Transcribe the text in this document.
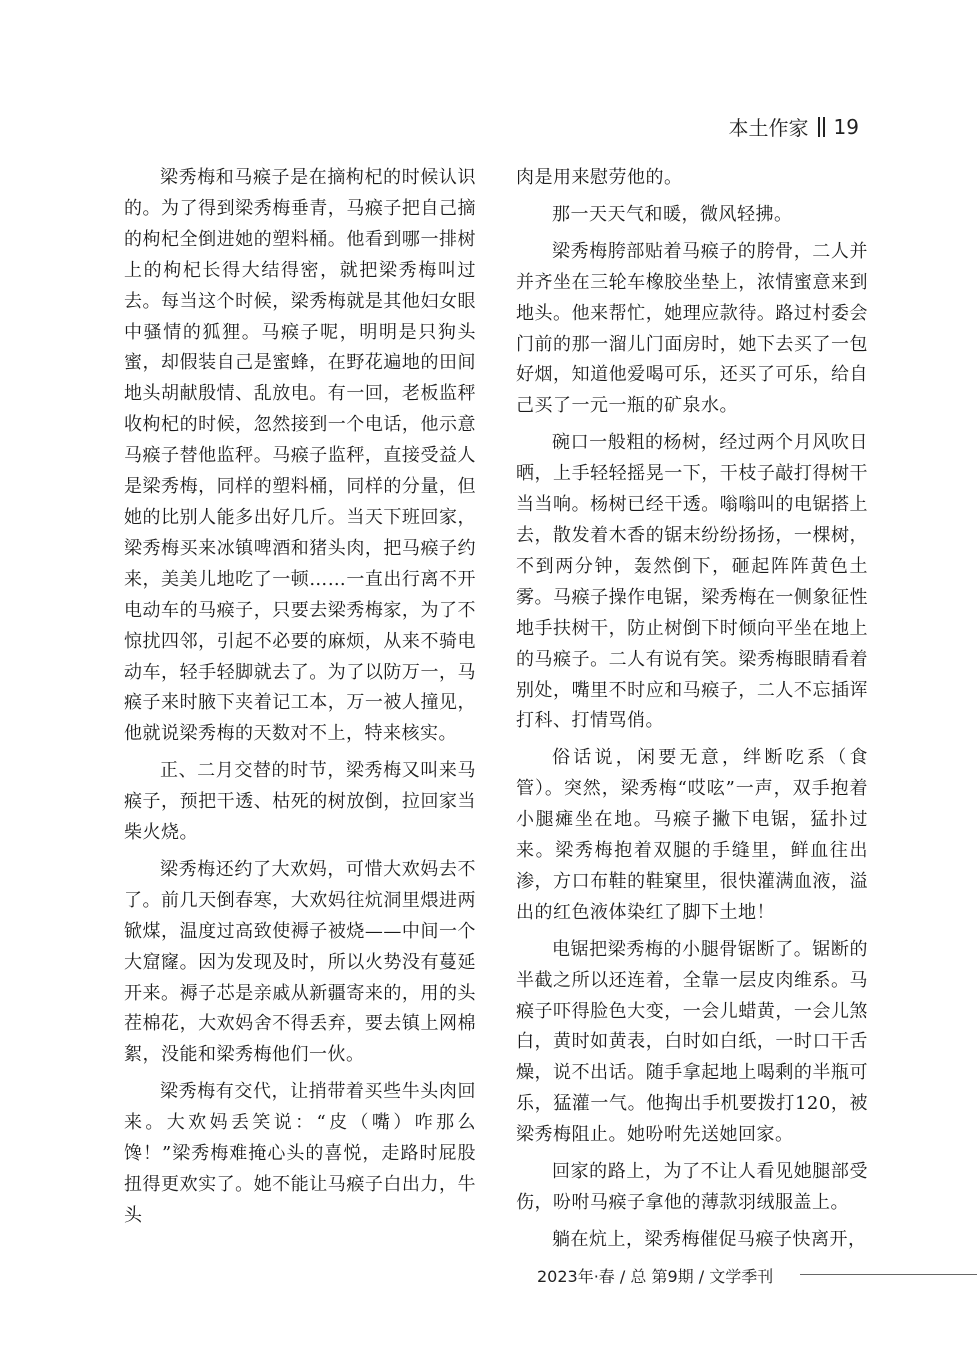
本土作家 19

梁秀梅和马瘊子是在摘枸杞的时候认识的。为了得到梁秀梅垂青，马瘊子把自己摘的枸杞全倒进她的塑料桶。他看到哪一排树上的枸杞长得大结得密，就把梁秀梅叫过去。每当这个时候，梁秀梅就是其他妇女眼中骚情的狐狸。马瘊子呢，明明是只狗头蜜，却假装自己是蜜蜂，在野花遍地的田间地头胡献殷情、乱放电。有一回，老板监秤收枸杞的时候，忽然接到一个电话，他示意马瘊子替他监秤。马瘊子监秤，直接受益人是梁秀梅，同样的塑料桶，同样的分量，但她的比别人能多出好几斤。当天下班回家，梁秀梅买来冰镇啤酒和猪头肉，把马瘊子约来，美美儿地吃了一顿……一直出行离不开电动车的马瘊子，只要去梁秀梅家，为了不惊扰四邻，引起不必要的麻烦，从来不骑电动车，轻手轻脚就去了。为了以防万一，马瘊子来时腋下夹着记工本，万一被人撞见，他就说梁秀梅的天数对不上，特来核实。

正、二月交替的时节，梁秀梅又叫来马瘊子，预把干透、枯死的树放倒，拉回家当柴火烧。

梁秀梅还约了大欢妈，可惜大欢妈去不了。前几天倒春寒，大欢妈往炕洞里煨进两锨煤，温度过高致使褥子被烧——中间一个大窟窿。因为发现及时，所以火势没有蔓延开来。褥子芯是亲戚从新疆寄来的，用的头茬棉花，大欢妈舍不得丢弃，要去镇上网棉絮，没能和梁秀梅他们一伙。

梁秀梅有交代，让捎带着买些牛头肉回来。大欢妈丢笑说：“皮（嘴）咋那么馋！”梁秀梅难掩心头的喜悦，走路时屁股扭得更欢实了。她不能让马瘊子白出力，牛头

肉是用来慰劳他的。

那一天天气和暖，微风轻拂。

梁秀梅胯部贴着马瘊子的胯骨，二人并并齐坐在三轮车橡胶坐垫上，浓情蜜意来到地头。他来帮忙，她理应款待。路过村委会门前的那一溜儿门面房时，她下去买了一包好烟，知道他爱喝可乐，还买了可乐，给自己买了一元一瓶的矿泉水。

碗口一般粗的杨树，经过两个月风吹日晒，上手轻轻摇晃一下，干枝子敲打得树干当当响。杨树已经干透。嗡嗡叫的电锯搭上去，散发着木香的锯末纷纷扬扬，一棵树，不到两分钟，轰然倒下，砸起阵阵黄色土雾。马瘊子操作电锯，梁秀梅在一侧象征性地手扶树干，防止树倒下时倾向平坐在地上的马瘊子。二人有说有笑。梁秀梅眼睛看着别处，嘴里不时应和马瘊子，二人不忘插诨打科、打情骂俏。

俗话说，闲要无意，绊断吃系（食管）。突然，梁秀梅“哎呟”一声，双手抱着小腿瘫坐在地。马瘊子撇下电锯，猛扑过来。梁秀梅抱着双腿的手缝里，鲜血往出渗，方口布鞋的鞋窠里，很快灌满血液，溢出的红色液体染红了脚下土地！

电锯把梁秀梅的小腿骨锯断了。锯断的半截之所以还连着，全靠一层皮肉维系。马瘊子吓得脸色大变，一会儿蜡黄，一会儿煞白，黄时如黄表，白时如白纸，一时口干舌燥，说不出话。随手拿起地上喝剩的半瓶可乐，猛灌一气。他掏出手机要拨打120，被梁秀梅阻止。她吩咐先送她回家。

回家的路上，为了不让人看见她腿部受伤，吩咐马瘊子拿他的薄款羽绒服盖上。

躺在炕上，梁秀梅催促马瘊子快离开，

2023年·春 / 总 第9期 / 文学季刊
